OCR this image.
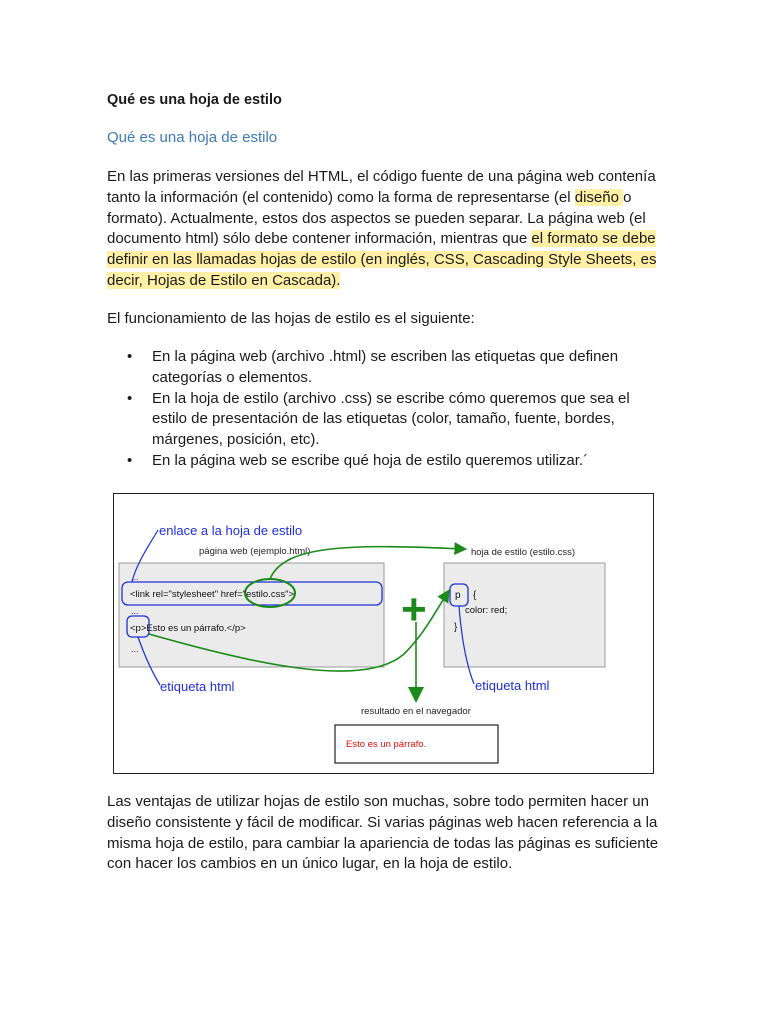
Qué es una hoja de estilo
Qué es una hoja de estilo

En las primeras versiones del HTML, el código fuente de una página web contenía tanto la información (el contenido) como la forma de representarse (el diseño o formato). Actualmente, estos dos aspectos se pueden separar. La página web (el documento html) sólo debe contener información, mientras que el formato se debe definir en las llamadas hojas de estilo (en inglés, CSS, Cascading Style Sheets, es decir, Hojas de Estilo en Cascada).

El funcionamiento de las hojas de estilo es el siguiente:

• En la página web (archivo .html) se escriben las etiquetas que definen categorías o elementos.
• En la hoja de estilo (archivo .css) se escribe cómo queremos que sea el estilo de presentación de las etiquetas (color, tamaño, fuente, bordes, márgenes, posición, etc).
• En la página web se escribe qué hoja de estilo queremos utilizar.´

Las ventajas de utilizar hojas de estilo son muchas, sobre todo permiten hacer un diseño consistente y fácil de modificar. Si varias páginas web hacen referencia a la misma hoja de estilo, para cambiar la apariencia de todas las páginas es suficiente con hacer los cambios en un único lugar, en la hoja de estilo.

...
<link rel="stylesheet" href="estilo.css">
...
<p>Esto es un párrafo.</p>
...
p {
color: red;
}
enlace a la hoja de estilo
página web (ejemplo.html)	hoja de estilo (estilo.css)
etiqueta html	etiqueta html
resultado en el navegador
+
Esto es un párrafo.
